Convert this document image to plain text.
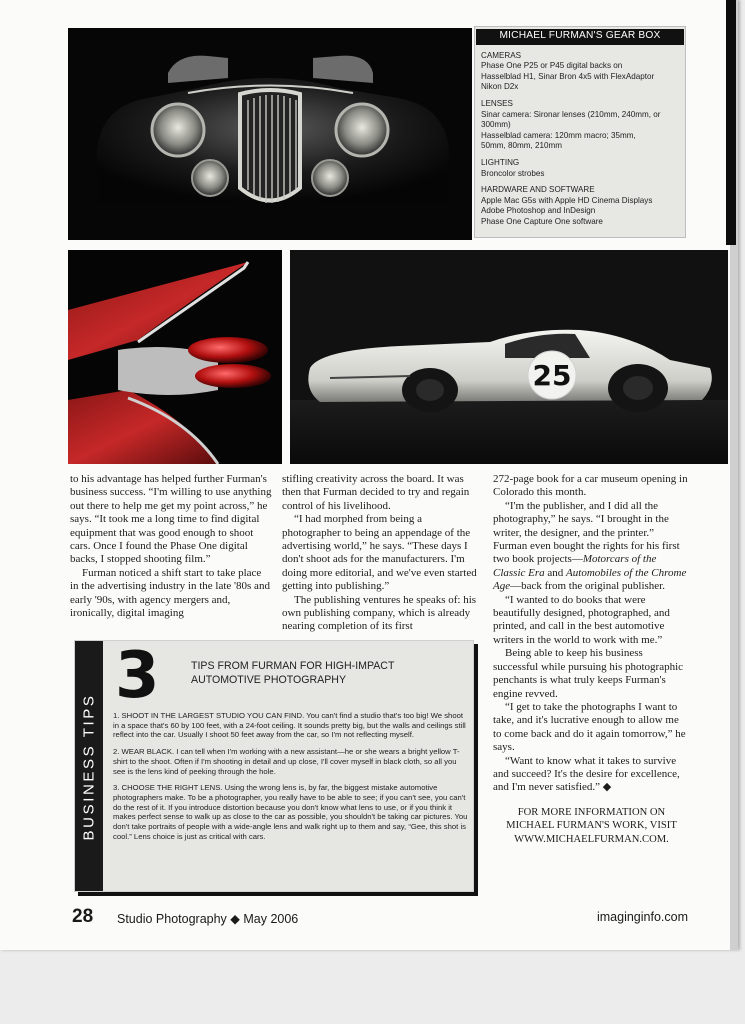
MICHAEL FURMAN'S GEAR BOX
CAMERAS
Phase One P25 or P45 digital backs on
Hasselblad H1, Sinar Bron 4x5 with FlexAdaptor
Nikon D2x
LENSES
Sinar camera: Sironar lenses (210mm, 240mm, or
300mm)
Hasselblad camera: 120mm macro; 35mm,
50mm, 80mm, 210mm
LIGHTING
Broncolor strobes
HARDWARE AND SOFTWARE
Apple Mac G5s with Apple HD Cinema Displays
Adobe Photoshop and InDesign
Phase One Capture One software
25

to his advantage has helped further Furman's business success. “I'm willing to use anything out there to help me get my point across,” he says. “It took me a long time to find digital equipment that was good enough to shoot cars. Once I found the Phase One digital backs, I stopped shooting film.”

Furman noticed a shift start to take place in the advertising industry in the late '80s and early '90s, with agency mergers and, ironically, digital imaging

stifling creativity across the board. It was then that Furman decided to try and regain control of his livelihood.

“I had morphed from being a photographer to being an appendage of the advertising world,” he says. “These days I don't shoot ads for the manufacturers. I'm doing more editorial, and we've even started getting into publishing.”

The publishing ventures he speaks of: his own publishing company, which is already nearing completion of its first

272-page book for a car museum opening in Colorado this month.

“I'm the publisher, and I did all the photography,” he says. “I brought in the writer, the designer, and the printer.” Furman even bought the rights for his first two book projects—Motorcars of the Classic Era and Automobiles of the Chrome Age—back from the original publisher.

“I wanted to do books that were beautifully designed, photographed, and printed, and call in the best automotive writers in the world to work with me.”

Being able to keep his business successful while pursuing his photographic penchants is what truly keeps Furman's engine revved.

“I get to take the photographs I want to take, and it's lucrative enough to allow me to come back and do it again tomorrow,” he says.

“Want to know what it takes to survive and succeed? It's the desire for excellence, and I'm never satisfied.” ◆

FOR MORE INFORMATION ON MICHAEL FURMAN'S WORK, VISIT WWW.MICHAELFURMAN.COM.

BUSINESS TIPS
3	TIPS FROM FURMAN FOR HIGH-IMPACT AUTOMOTIVE PHOTOGRAPHY

1. SHOOT IN THE LARGEST STUDIO YOU CAN FIND. You can't find a studio that's too big! We shoot in a space that's 60 by 100 feet, with a 24-foot ceiling. It sounds pretty big, but the walls and ceilings still reflect into the car. Usually I shoot 50 feet away from the car, so I'm not reflecting myself.

2. WEAR BLACK. I can tell when I'm working with a new assistant—he or she wears a bright yellow T-shirt to the shoot. Often if I'm shooting in detail and up close, I'll cover myself in black cloth, so all you see is the lens kind of peeking through the hole.

3. CHOOSE THE RIGHT LENS. Using the wrong lens is, by far, the biggest mistake automotive photographers make. To be a photographer, you really have to be able to see; if you can't see, you can't do the rest of it. If you introduce distortion because you don't know what lens to use, or if you think it makes perfect sense to walk up as close to the car as possible, you shouldn't be taking car pictures. You don't take portraits of people with a wide-angle lens and walk right up to them and say, “Gee, this shot is cool.” Lens choice is just as critical with cars.

28 Studio Photography ◆ May 2006	imaginginfo.com
